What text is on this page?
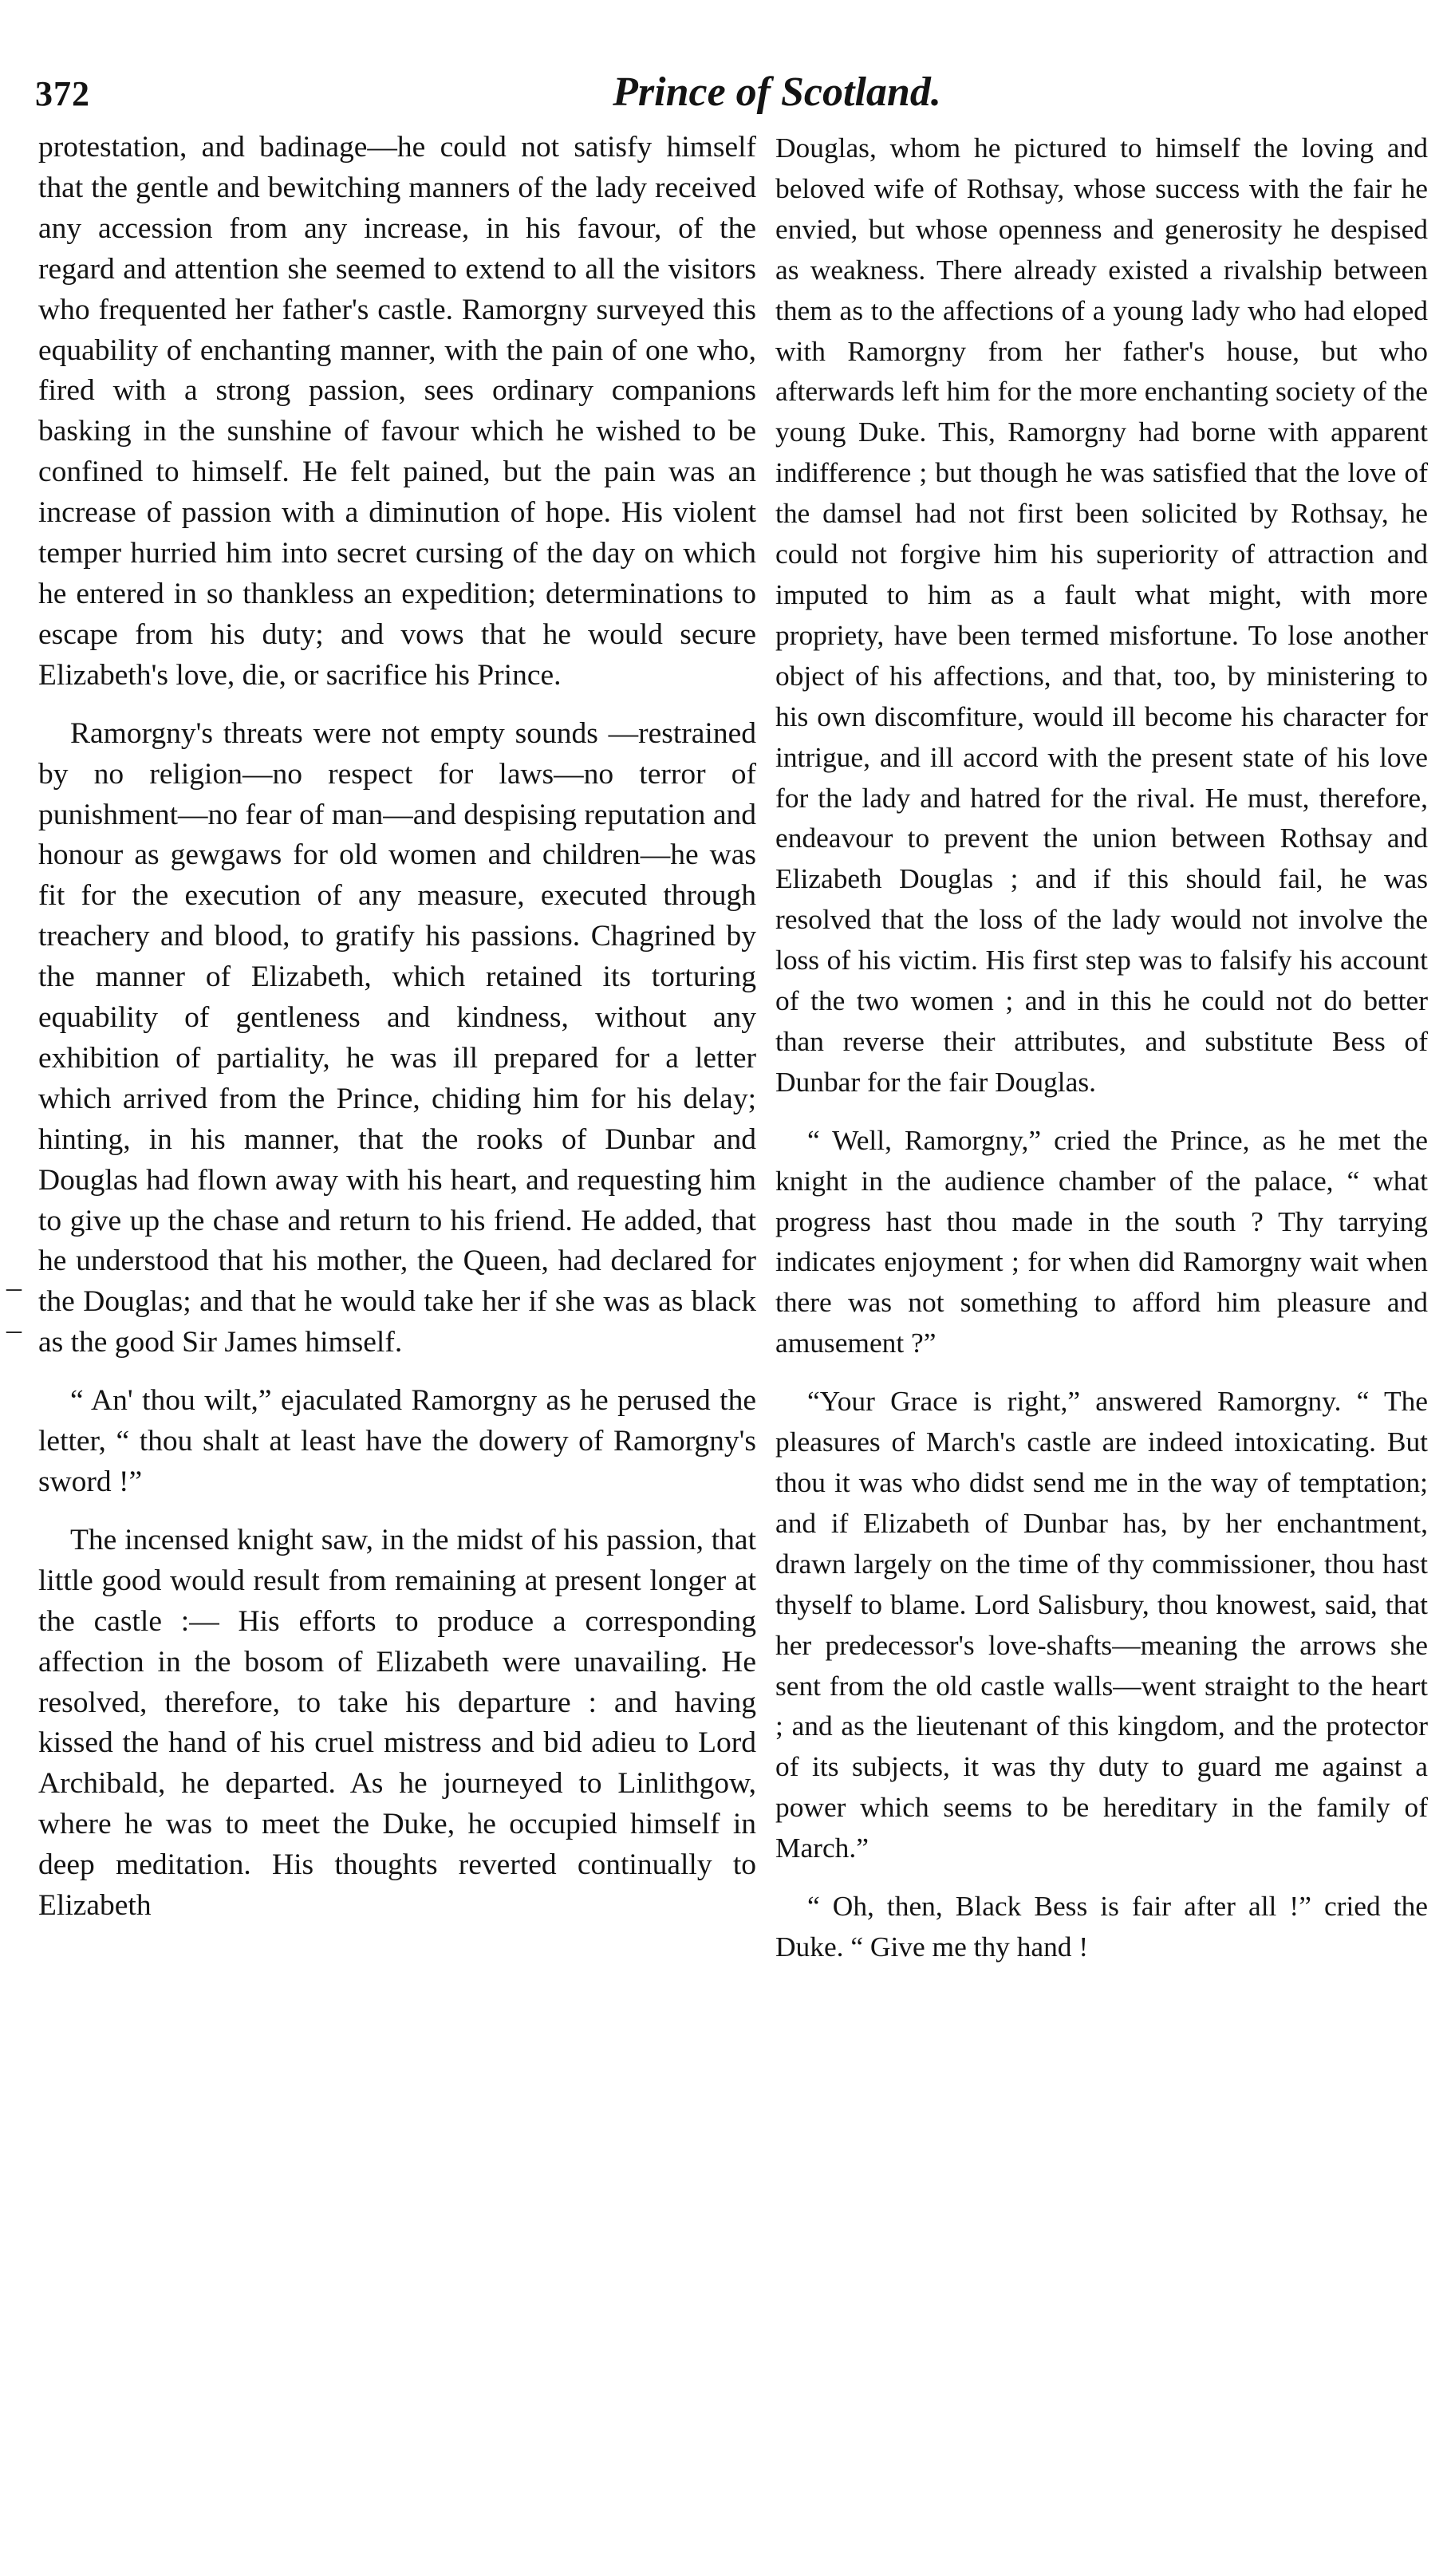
372	Prince of Scotland.

protestation, and badinage—he could not satisfy himself that the gentle and bewitching manners of the lady received any accession from any increase, in his favour, of the regard and attention she seemed to extend to all the visitors who frequented her father's castle. Ramorgny surveyed this equability of enchanting manner, with the pain of one who, fired with a strong passion, sees ordinary companions basking in the sunshine of favour which he wished to be confined to himself. He felt pained, but the pain was an increase of passion with a diminution of hope. His violent temper hurried him into secret cursing of the day on which he entered in so thankless an expedition; determinations to escape from his duty; and vows that he would secure Elizabeth's love, die, or sacrifice his Prince.

Ramorgny's threats were not empty sounds —restrained by no religion—no respect for laws—no terror of punishment—no fear of man—and despising reputation and honour as gewgaws for old women and children—he was fit for the execution of any measure, executed through treachery and blood, to gratify his passions. Chagrined by the manner of Elizabeth, which retained its torturing equability of gentleness and kindness, without any exhibition of partiality, he was ill prepared for a letter which arrived from the Prince, chiding him for his delay; hinting, in his manner, that the rooks of Dunbar and Douglas had flown away with his heart, and requesting him to give up the chase and return to his friend. He added, that he understood that his mother, the Queen, had declared for the Douglas; and that he would take her if she was as black as the good Sir James himself.

“ An' thou wilt,” ejaculated Ramorgny as he perused the letter, “ thou shalt at least have the dowery of Ramorgny's sword !”

The incensed knight saw, in the midst of his passion, that little good would result from remaining at present longer at the castle :— His efforts to produce a corresponding affection in the bosom of Elizabeth were unavailing. He resolved, therefore, to take his departure : and having kissed the hand of his cruel mistress and bid adieu to Lord Archibald, he departed. As he journeyed to Linlithgow, where he was to meet the Duke, he occupied himself in deep meditation. His thoughts reverted continually to Elizabeth

Douglas, whom he pictured to himself the loving and beloved wife of Rothsay, whose success with the fair he envied, but whose openness and generosity he despised as weakness. There already existed a rivalship between them as to the affections of a young lady who had eloped with Ramorgny from her father's house, but who afterwards left him for the more enchanting society of the young Duke. This, Ramorgny had borne with apparent indifference ; but though he was satisfied that the love of the damsel had not first been solicited by Rothsay, he could not forgive him his superiority of attraction and imputed to him as a fault what might, with more propriety, have been termed misfortune. To lose another object of his affections, and that, too, by ministering to his own discomfiture, would ill become his character for intrigue, and ill accord with the present state of his love for the lady and hatred for the rival. He must, therefore, endeavour to prevent the union between Rothsay and Elizabeth Douglas ; and if this should fail, he was resolved that the loss of the lady would not involve the loss of his victim. His first step was to falsify his account of the two women ; and in this he could not do better than reverse their attributes, and substitute Bess of Dunbar for the fair Douglas.

“ Well, Ramorgny,” cried the Prince, as he met the knight in the audience chamber of the palace, “ what progress hast thou made in the south ? Thy tarrying indicates enjoyment ; for when did Ramorgny wait when there was not something to afford him pleasure and amusement ?”

“Your Grace is right,” answered Ramorgny. “ The pleasures of March's castle are indeed intoxicating. But thou it was who didst send me in the way of temptation; and if Elizabeth of Dunbar has, by her enchantment, drawn largely on the time of thy commissioner, thou hast thyself to blame. Lord Salisbury, thou knowest, said, that her predecessor's love-shafts—meaning the arrows she sent from the old castle walls—went straight to the heart ; and as the lieutenant of this kingdom, and the protector of its subjects, it was thy duty to guard me against a power which seems to be hereditary in the family of March.”

“ Oh, then, Black Bess is fair after all !” cried the Duke. “ Give me thy hand !

–
–
